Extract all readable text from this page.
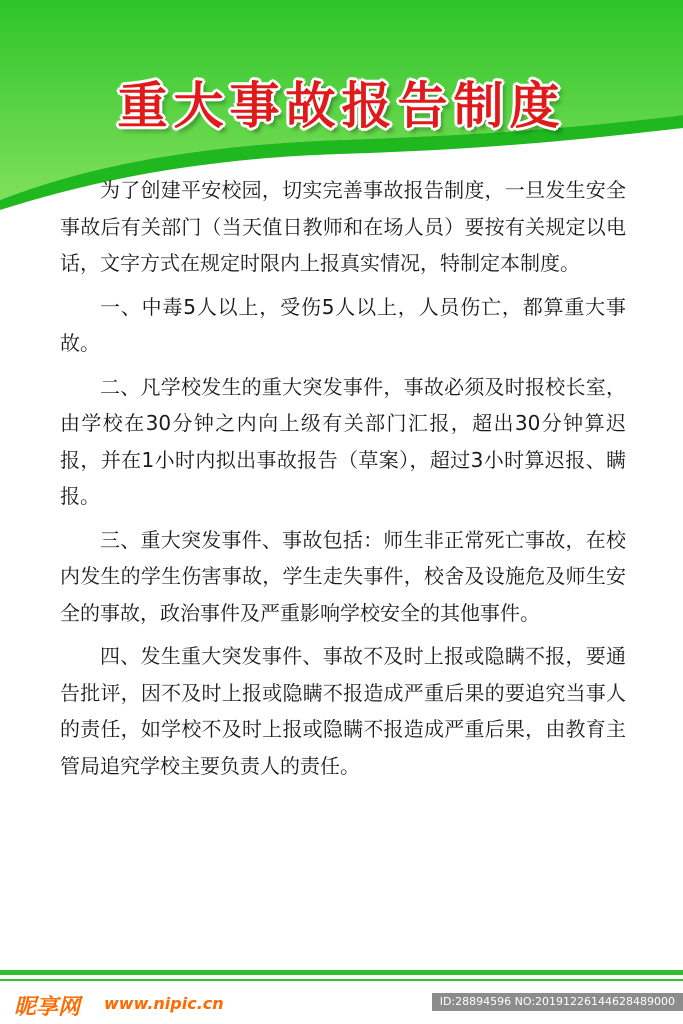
重大事故报告制度

为了创建平安校园，切实完善事故报告制度，一旦发生安全事故后有关部门（当天值日教师和在场人员）要按有关规定以电话，文字方式在规定时限内上报真实情况，特制定本制度。

一、中毒5人以上，受伤5人以上，人员伤亡，都算重大事故。

二、凡学校发生的重大突发事件，事故必须及时报校长室，由学校在30分钟之内向上级有关部门汇报，超出30分钟算迟报，并在1小时内拟出事故报告（草案），超过3小时算迟报、瞒报。

三、重大突发事件、事故包括：师生非正常死亡事故，在校内发生的学生伤害事故，学生走失事件，校舍及设施危及师生安全的事故，政治事件及严重影响学校安全的其他事件。

四、发生重大突发事件、事故不及时上报或隐瞒不报，要通告批评，因不及时上报或隐瞒不报造成严重后果的要追究当事人的责任，如学校不及时上报或隐瞒不报造成严重后果，由教育主管局追究学校主要负责人的责任。

昵享网 www.nipic.cn	ID:28894596 NO:20191226144628489000
